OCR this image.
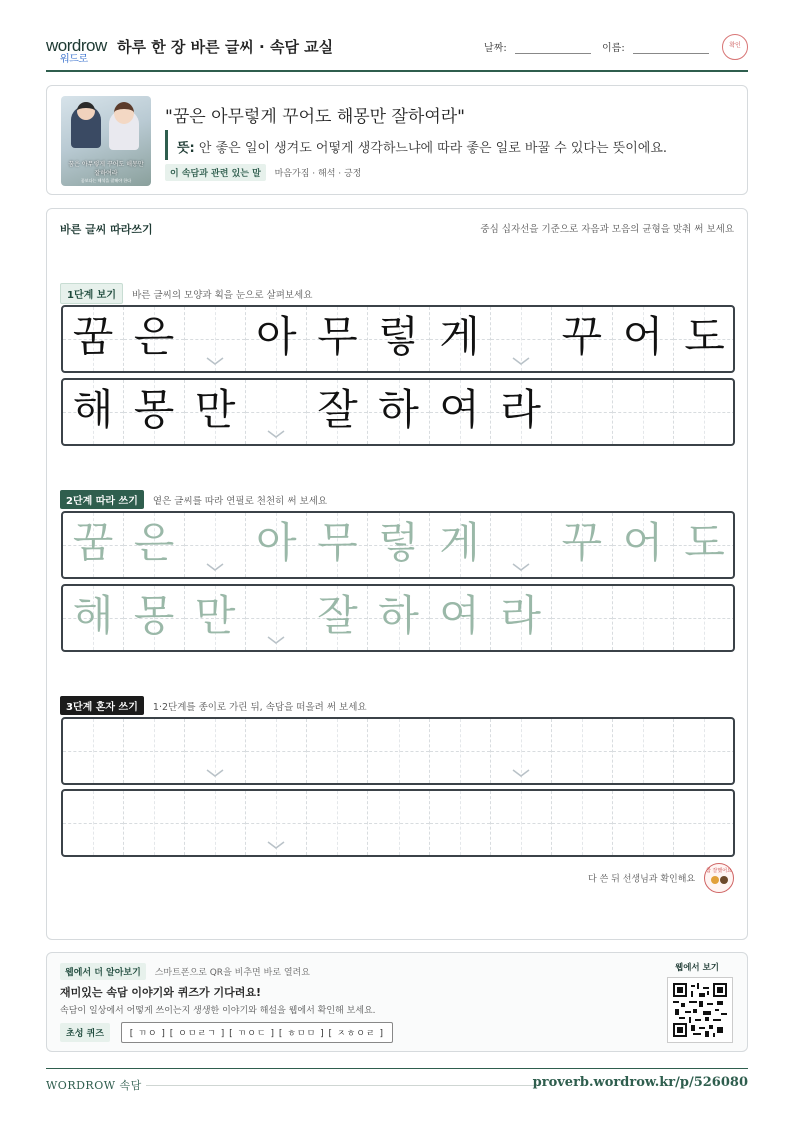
wordrow
워드로
하루 한 장 바른 글씨 · 속담 교실	날짜:	이름:	확인
꿈은 아무렇게 꾸어도 해몽만 잘하여라
꿈보다는 해석을 잘해야 한다
"꿈은 아무렇게 꾸어도 해몽만 잘하여라"
뜻: 안 좋은 일이 생겨도 어떻게 생각하느냐에 따라 좋은 일로 바꿀 수 있다는 뜻이에요.
이 속담과 관련 있는 말 마음가짐 · 해석 · 긍정
바른 글씨 따라쓰기	중심 십자선을 기준으로 자음과 모음의 균형을 맞춰 써 보세요
1단계 보기 바른 글씨의 모양과 획을 눈으로 살펴보세요
꿈 은 아 무 렇 게 꾸 어 도
해 몽 만 잘 하 여 라
2단계 따라 쓰기 옅은 글씨를 따라 연필로 천천히 써 보세요
꿈 은 아 무 렇 게 꾸 어 도
해 몽 만 잘 하 여 라
3단계 혼자 쓰기 1·2단계를 종이로 가린 뒤, 속담을 떠올려 써 보세요
다 쓴 뒤 선생님과 확인해요
참 잘했어요
웹에서 더 알아보기 스마트폰으로 QR을 비추면 바로 열려요
재미있는 속담 이야기와 퀴즈가 기다려요!
속담이 일상에서 어떻게 쓰이는지 생생한 이야기와 해설을 웹에서 확인해 보세요.
초성 퀴즈	[ ㄲㅇ ] [ ㅇㅁㄹㄱ ] [ ㄲㅇㄷ ] [ ㅎㅁㅁ ] [ ㅈㅎㅇㄹ ]
웹에서 보기
WORDROW 속담	proverb.wordrow.kr/p/526080
